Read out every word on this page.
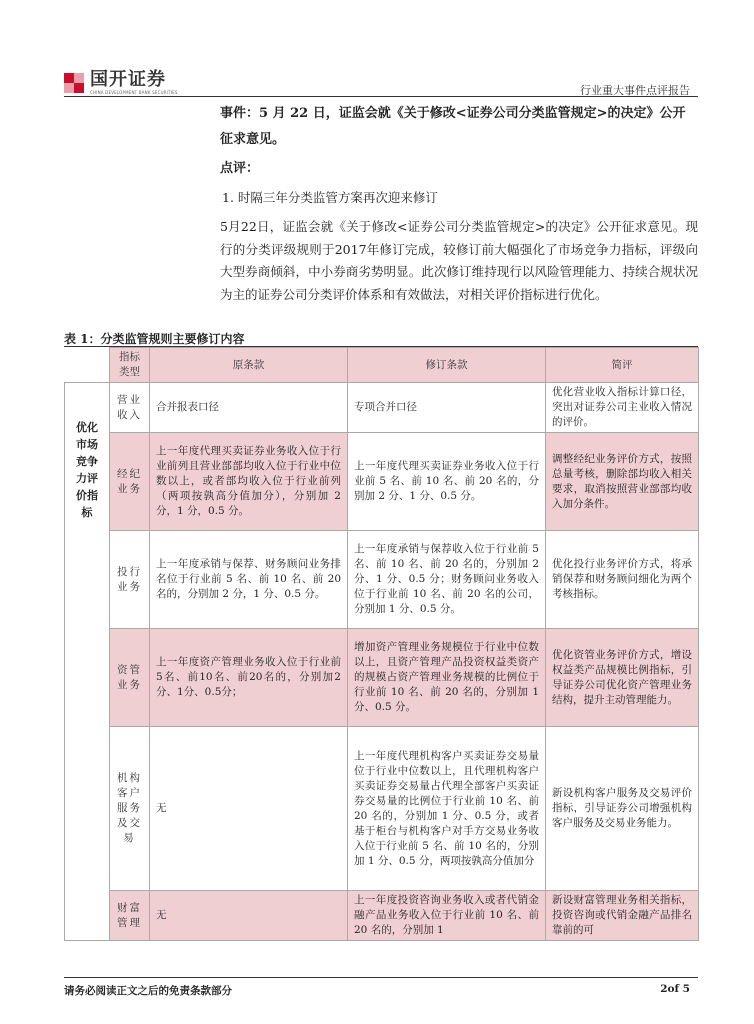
国开证券
CHINA DEVELOPMENT BANK SECURITIES	行业重大事件点评报告
事件：5 月 22 日，证监会就《关于修改<证券公司分类监管规定>的决定》公开征求意见。
点评：
1. 时隔三年分类监管方案再次迎来修订
5月22日，证监会就《关于修改<证券公司分类监管规定>的决定》公开征求意见。现行的分类评级规则于2017年修订完成，较修订前大幅强化了市场竞争力指标，评级向大型券商倾斜，中小券商劣势明显。此次修订维持现行以风险管理能力、持续合规状况为主的证券公司分类评价体系和有效做法，对相关评价指标进行优化。
表 1：分类监管规则主要修订内容
	指标类型	原条款	修订条款	简评
优化市场竞争力评价指标	营业收入	合并报表口径	专项合并口径	优化营业收入指标计算口径，突出对证券公司主业收入情况的评价。
	经纪业务	上一年度代理买卖证券业务收入位于行业前列且营业部部均收入位于行业中位数以上，或者部均收入位于行业前列（两项按孰高分值加分），分别加 2 分，1 分，0.5 分。	上一年度代理买卖证券业务收入位于行业前 5 名、前 10 名、前 20 名的，分别加 2 分、1 分、0.5 分。	调整经纪业务评价方式，按照总量考核，删除部均收入相关要求，取消按照营业部部均收入加分条件。
	投行业务	上一年度承销与保荐、财务顾问业务排名位于行业前 5 名、前 10 名、前 20 名的，分别加 2 分，1 分、0.5 分。	上一年度承销与保荐收入位于行业前 5 名、前 10 名、前 20 名的，分别加 2 分、1 分、0.5 分；财务顾问业务收入位于行业前 10 名、前 20 名的公司，分别加 1 分、0.5 分。	优化投行业务评价方式，将承销保荐和财务顾问细化为两个考核指标。
	资管业务	上一年度资产管理业务收入位于行业前5名、前10名、前20名的，分别加2分、1分、0.5分；	增加资产管理业务规模位于行业中位数以上，且资产管理产品投资权益类资产的规模占资产管理业务规模的比例位于行业前 10 名、前 20 名的，分别加 1 分、0.5 分。	优化资管业务评价方式，增设权益类产品规模比例指标，引导证券公司优化资产管理业务结构，提升主动管理能力。
	机构客户服务及交易	无	上一年度代理机构客户买卖证券交易量位于行业中位数以上，且代理机构客户买卖证券交易量占代理全部客户买卖证券交易量的比例位于行业前 10 名、前 20 名的，分别加 1 分、0.5 分，或者基于柜台与机构客户对手方交易业务收入位于行业前 5 名、前 10 名的，分别加 1 分、0.5 分，两项按孰高分值加分	新设机构客户服务及交易评价指标，引导证券公司增强机构客户服务及交易业务能力。
	财富管理	无	上一年度投资咨询业务收入或者代销金融产品业务收入位于行业前 10 名、前 20 名的，分别加 1	新设财富管理业务相关指标，投资咨询或代销金融产品排名靠前的可
请务必阅读正文之后的免责条款部分	2of 5
